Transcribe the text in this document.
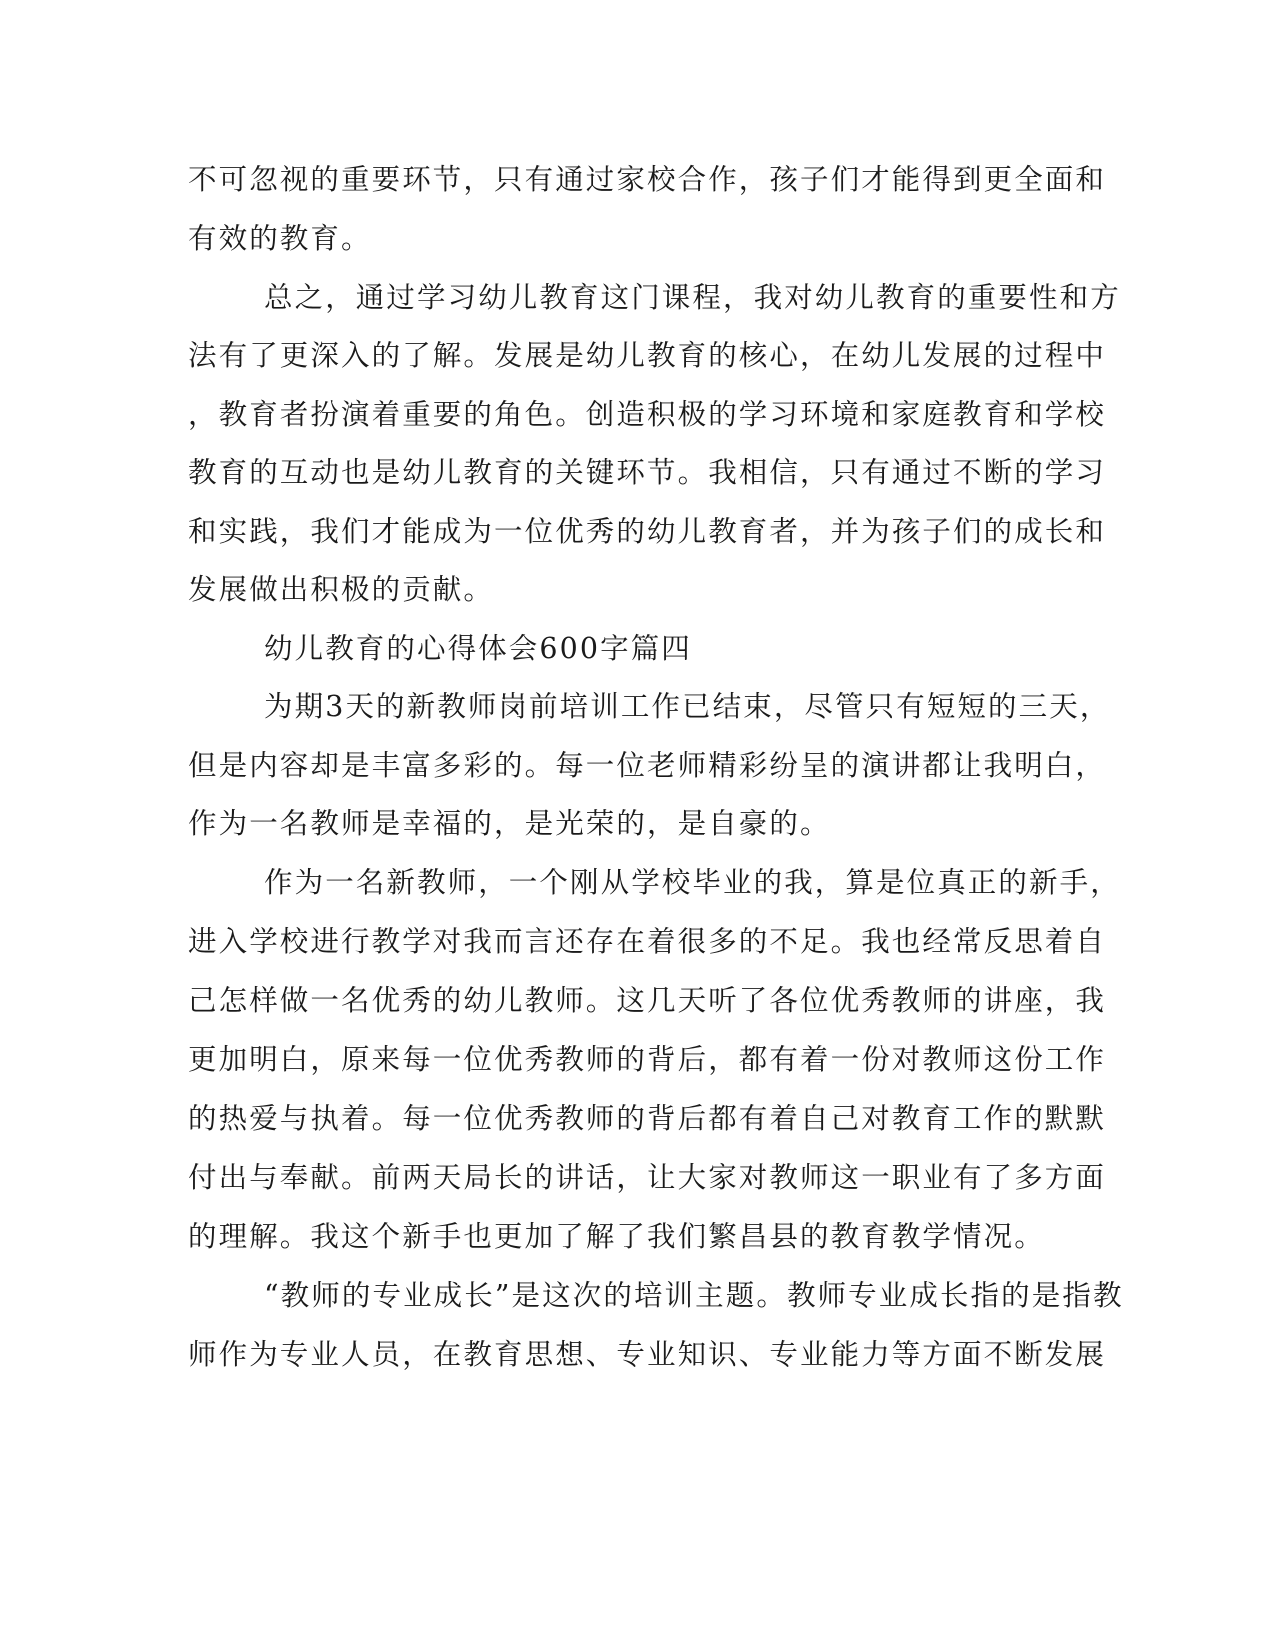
不可忽视的重要环节，只有通过家校合作，孩子们才能得到更全面和
有效的教育。
总之，通过学习幼儿教育这门课程，我对幼儿教育的重要性和方
法有了更深入的了解。发展是幼儿教育的核心，在幼儿发展的过程中
，教育者扮演着重要的角色。创造积极的学习环境和家庭教育和学校
教育的互动也是幼儿教育的关键环节。我相信，只有通过不断的学习
和实践，我们才能成为一位优秀的幼儿教育者，并为孩子们的成长和
发展做出积极的贡献。
幼儿教育的心得体会600字篇四
为期3天的新教师岗前培训工作已结束，尽管只有短短的三天，
但是内容却是丰富多彩的。每一位老师精彩纷呈的演讲都让我明白，
作为一名教师是幸福的，是光荣的，是自豪的。
作为一名新教师，一个刚从学校毕业的我，算是位真正的新手，
进入学校进行教学对我而言还存在着很多的不足。我也经常反思着自
己怎样做一名优秀的幼儿教师。这几天听了各位优秀教师的讲座，我
更加明白，原来每一位优秀教师的背后，都有着一份对教师这份工作
的热爱与执着。每一位优秀教师的背后都有着自己对教育工作的默默
付出与奉献。前两天局长的讲话，让大家对教师这一职业有了多方面
的理解。我这个新手也更加了解了我们繁昌县的教育教学情况。
“教师的专业成长”是这次的培训主题。教师专业成长指的是指教
师作为专业人员，在教育思想、专业知识、专业能力等方面不断发展
